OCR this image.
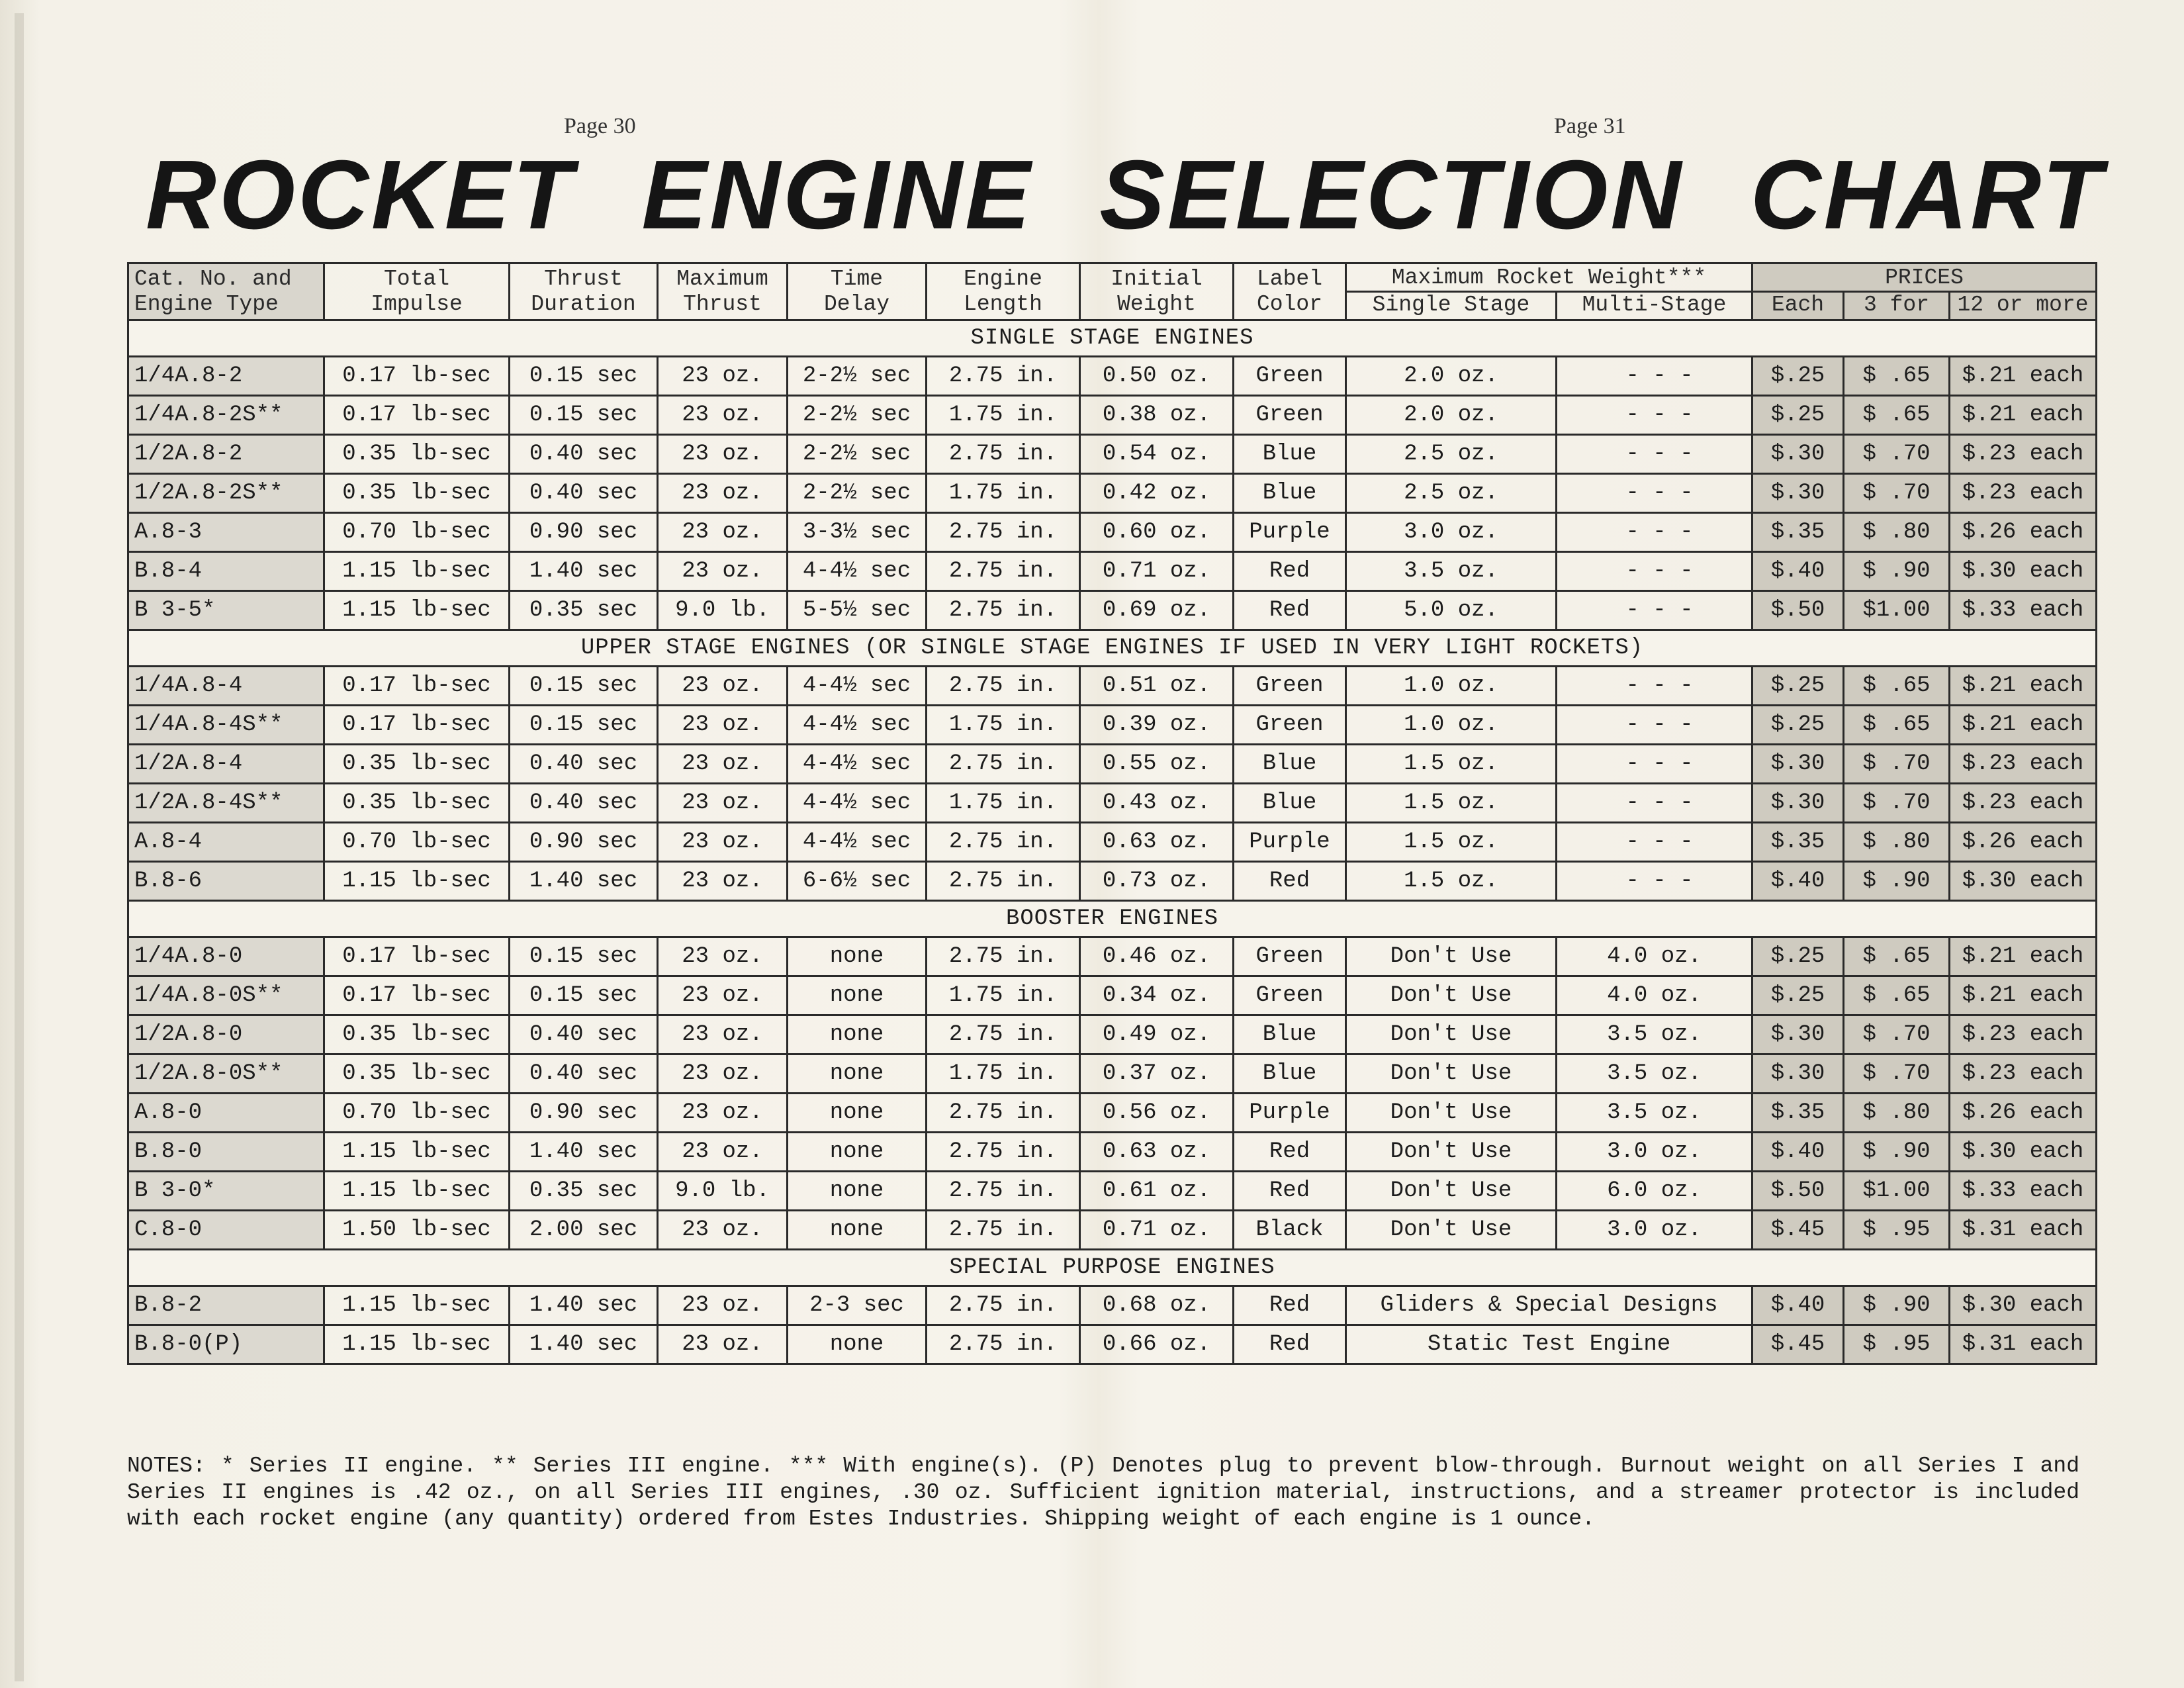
Page 30	Page 31
ROCKET ENGINE SELECTION CHART
Cat. No. and	Total	Thrust	Maximum	Time	Engine	Initial	Label	Maximum Rocket Weight***		PRICES		
Engine Type	Impulse	Duration	Thrust	Delay	Length	Weight	Color	Single Stage	Multi-Stage	Each	3 for	12 or more
SINGLE STAGE ENGINES												
1/4A.8-2	0.17 lb-sec	0.15 sec	23 oz.	2-2½ sec	2.75 in.	0.50 oz.	Green	2.0 oz.	- - -	$.25	$ .65	$.21 each
1/4A.8-2S**	0.17 lb-sec	0.15 sec	23 oz.	2-2½ sec	1.75 in.	0.38 oz.	Green	2.0 oz.	- - -	$.25	$ .65	$.21 each
1/2A.8-2	0.35 lb-sec	0.40 sec	23 oz.	2-2½ sec	2.75 in.	0.54 oz.	Blue	2.5 oz.	- - -	$.30	$ .70	$.23 each
1/2A.8-2S**	0.35 lb-sec	0.40 sec	23 oz.	2-2½ sec	1.75 in.	0.42 oz.	Blue	2.5 oz.	- - -	$.30	$ .70	$.23 each
A.8-3	0.70 lb-sec	0.90 sec	23 oz.	3-3½ sec	2.75 in.	0.60 oz.	Purple	3.0 oz.	- - -	$.35	$ .80	$.26 each
B.8-4	1.15 lb-sec	1.40 sec	23 oz.	4-4½ sec	2.75 in.	0.71 oz.	Red	3.5 oz.	- - -	$.40	$ .90	$.30 each
B 3-5*	1.15 lb-sec	0.35 sec	9.0 lb.	5-5½ sec	2.75 in.	0.69 oz.	Red	5.0 oz.	- - -	$.50	$1.00	$.33 each
UPPER STAGE ENGINES (OR SINGLE STAGE ENGINES IF USED IN VERY LIGHT ROCKETS)												
1/4A.8-4	0.17 lb-sec	0.15 sec	23 oz.	4-4½ sec	2.75 in.	0.51 oz.	Green	1.0 oz.	- - -	$.25	$ .65	$.21 each
1/4A.8-4S**	0.17 lb-sec	0.15 sec	23 oz.	4-4½ sec	1.75 in.	0.39 oz.	Green	1.0 oz.	- - -	$.25	$ .65	$.21 each
1/2A.8-4	0.35 lb-sec	0.40 sec	23 oz.	4-4½ sec	2.75 in.	0.55 oz.	Blue	1.5 oz.	- - -	$.30	$ .70	$.23 each
1/2A.8-4S**	0.35 lb-sec	0.40 sec	23 oz.	4-4½ sec	1.75 in.	0.43 oz.	Blue	1.5 oz.	- - -	$.30	$ .70	$.23 each
A.8-4	0.70 lb-sec	0.90 sec	23 oz.	4-4½ sec	2.75 in.	0.63 oz.	Purple	1.5 oz.	- - -	$.35	$ .80	$.26 each
B.8-6	1.15 lb-sec	1.40 sec	23 oz.	6-6½ sec	2.75 in.	0.73 oz.	Red	1.5 oz.	- - -	$.40	$ .90	$.30 each
BOOSTER ENGINES												
1/4A.8-0	0.17 lb-sec	0.15 sec	23 oz.	none	2.75 in.	0.46 oz.	Green	Don't Use	4.0 oz.	$.25	$ .65	$.21 each
1/4A.8-0S**	0.17 lb-sec	0.15 sec	23 oz.	none	1.75 in.	0.34 oz.	Green	Don't Use	4.0 oz.	$.25	$ .65	$.21 each
1/2A.8-0	0.35 lb-sec	0.40 sec	23 oz.	none	2.75 in.	0.49 oz.	Blue	Don't Use	3.5 oz.	$.30	$ .70	$.23 each
1/2A.8-0S**	0.35 lb-sec	0.40 sec	23 oz.	none	1.75 in.	0.37 oz.	Blue	Don't Use	3.5 oz.	$.30	$ .70	$.23 each
A.8-0	0.70 lb-sec	0.90 sec	23 oz.	none	2.75 in.	0.56 oz.	Purple	Don't Use	3.5 oz.	$.35	$ .80	$.26 each
B.8-0	1.15 lb-sec	1.40 sec	23 oz.	none	2.75 in.	0.63 oz.	Red	Don't Use	3.0 oz.	$.40	$ .90	$.30 each
B 3-0*	1.15 lb-sec	0.35 sec	9.0 lb.	none	2.75 in.	0.61 oz.	Red	Don't Use	6.0 oz.	$.50	$1.00	$.33 each
C.8-0	1.50 lb-sec	2.00 sec	23 oz.	none	2.75 in.	0.71 oz.	Black	Don't Use	3.0 oz.	$.45	$ .95	$.31 each
SPECIAL PURPOSE ENGINES												
B.8-2	1.15 lb-sec	1.40 sec	23 oz.	2-3 sec	2.75 in.	0.68 oz.	Red	Gliders & Special Designs		$.40	$ .90	$.30 each
B.8-0(P)	1.15 lb-sec	1.40 sec	23 oz.	none	2.75 in.	0.66 oz.	Red	Static Test Engine		$.45	$ .95	$.31 each
NOTES: * Series II engine. ** Series III engine. *** With engine(s). (P) Denotes plug to prevent blow-through. Burnout weight on all Series I and Series II engines is .42 oz., on all Series III engines, .30 oz. Sufficient ignition material, instructions, and a streamer protector is included with each rocket engine (any quantity) ordered from Estes Industries. Shipping weight of each engine is 1 ounce.
